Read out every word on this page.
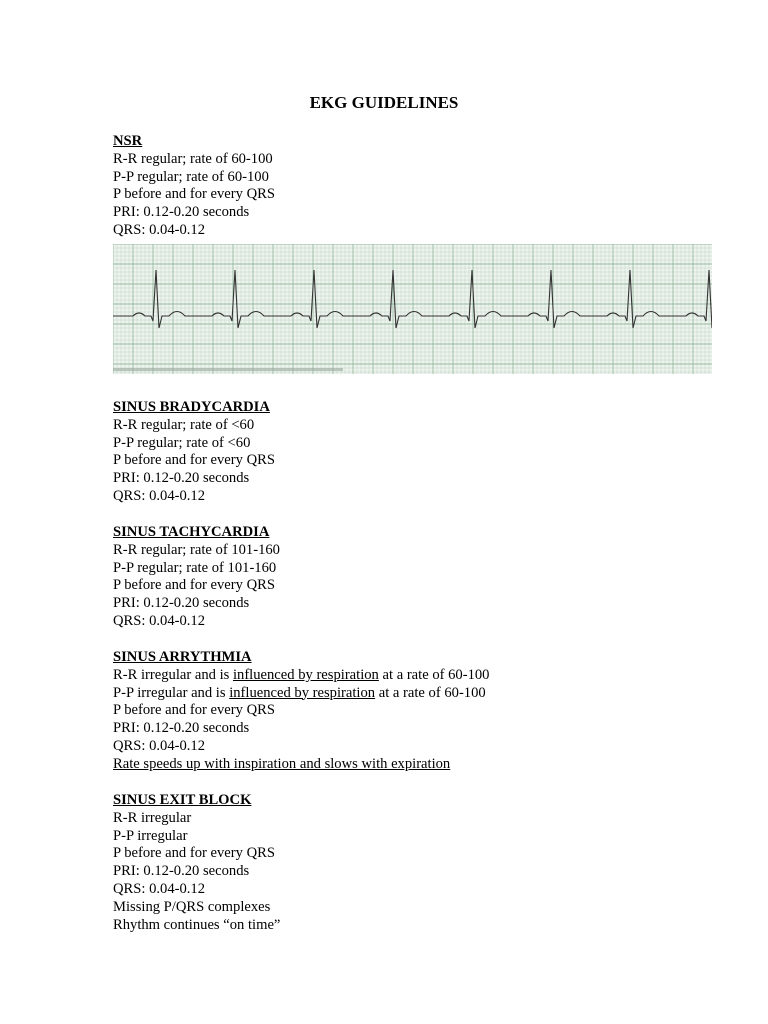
EKG GUIDELINES
NSR
R-R regular; rate of 60-100
P-P regular; rate of 60-100
P before and for every QRS
PRI: 0.12-0.20 seconds
QRS: 0.04-0.12
SINUS BRADYCARDIA
R-R regular; rate of <60
P-P regular; rate of <60
P before and for every QRS
PRI: 0.12-0.20 seconds
QRS: 0.04-0.12
SINUS TACHYCARDIA
R-R regular; rate of 101-160
P-P regular; rate of 101-160
P before and for every QRS
PRI: 0.12-0.20 seconds
QRS: 0.04-0.12
SINUS ARRYTHMIA
R-R irregular and is influenced by respiration at a rate of 60-100
P-P irregular and is influenced by respiration at a rate of 60-100
P before and for every QRS
PRI: 0.12-0.20 seconds
QRS: 0.04-0.12
Rate speeds up with inspiration and slows with expiration
SINUS EXIT BLOCK
R-R irregular
P-P irregular
P before and for every QRS
PRI: 0.12-0.20 seconds
QRS: 0.04-0.12
Missing P/QRS complexes
Rhythm continues “on time”
